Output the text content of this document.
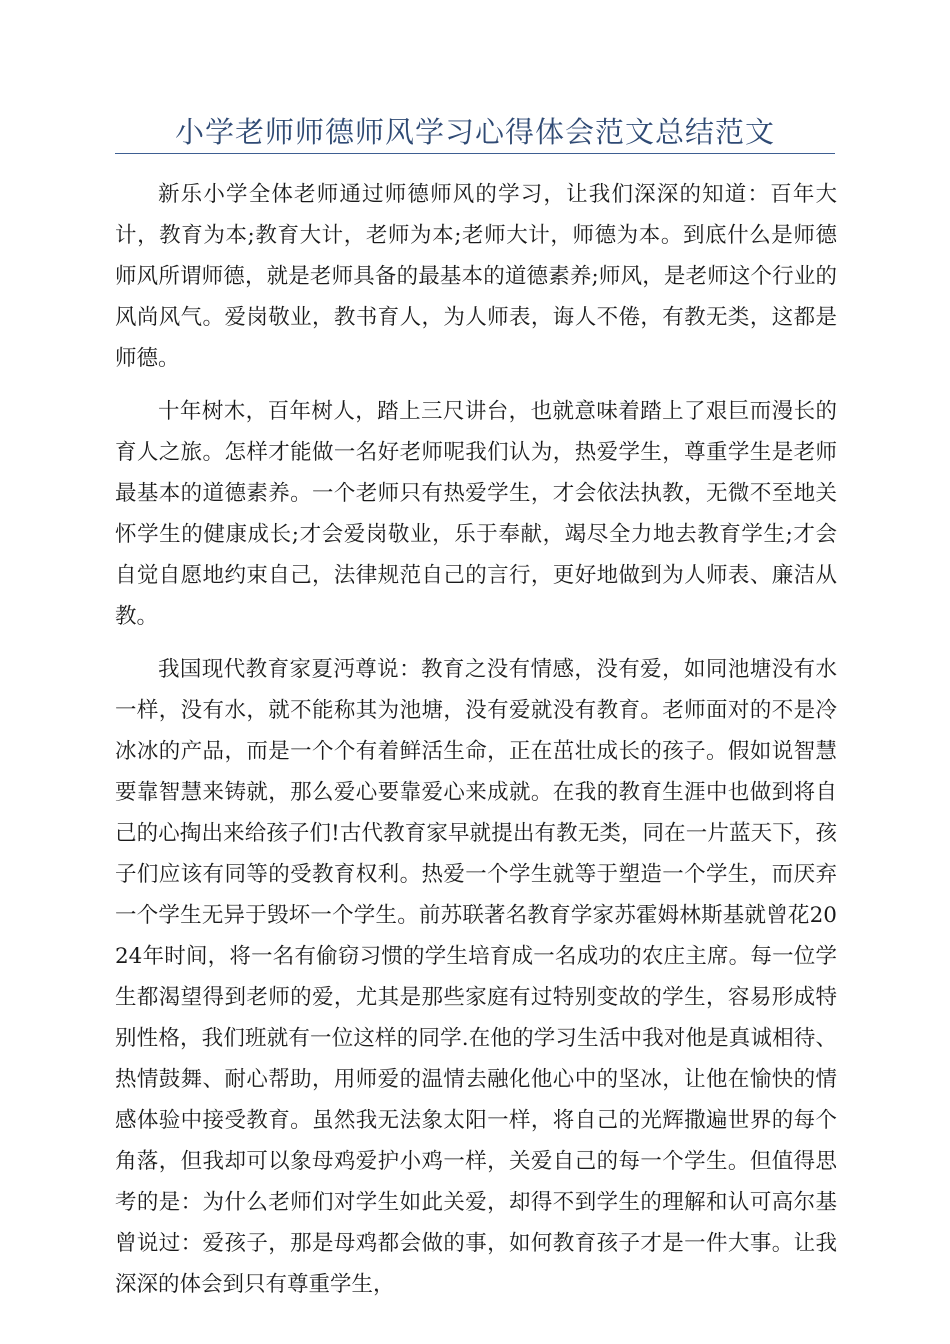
小学老师师德师风学习心得体会范文总结范文

新乐小学全体老师通过师德师风的学习，让我们深深的知道：百年大计，教育为本;教育大计，老师为本;老师大计，师德为本。到底什么是师德师风所谓师德，就是老师具备的最基本的道德素养;师风，是老师这个行业的风尚风气。爱岗敬业，教书育人，为人师表，诲人不倦，有教无类，这都是师德。

十年树木，百年树人，踏上三尺讲台，也就意味着踏上了艰巨而漫长的育人之旅。怎样才能做一名好老师呢我们认为，热爱学生，尊重学生是老师最基本的道德素养。一个老师只有热爱学生，才会依法执教，无微不至地关怀学生的健康成长;才会爱岗敬业，乐于奉献，竭尽全力地去教育学生;才会自觉自愿地约束自己，法律规范自己的言行，更好地做到为人师表、廉洁从教。

我国现代教育家夏沔尊说：教育之没有情感，没有爱，如同池塘没有水一样，没有水，就不能称其为池塘，没有爱就没有教育。老师面对的不是冷冰冰的产品，而是一个个有着鲜活生命，正在茁壮成长的孩子。假如说智慧要靠智慧来铸就，那么爱心要靠爱心来成就。在我的教育生涯中也做到将自己的心掏出来给孩子们!古代教育家早就提出有教无类，同在一片蓝天下，孩子们应该有同等的受教育权利。热爱一个学生就等于塑造一个学生，而厌弃一个学生无异于毁坏一个学生。前苏联著名教育学家苏霍姆林斯基就曾花2024年时间，将一名有偷窃习惯的学生培育成一名成功的农庄主席。每一位学生都渴望得到老师的爱，尤其是那些家庭有过特别变故的学生，容易形成特别性格，我们班就有一位这样的同学.在他的学习生活中我对他是真诚相待、热情鼓舞、耐心帮助，用师爱的温情去融化他心中的坚冰，让他在愉快的情感体验中接受教育。虽然我无法象太阳一样，将自己的光辉撒遍世界的每个角落，但我却可以象母鸡爱护小鸡一样，关爱自己的每一个学生。但值得思考的是：为什么老师们对学生如此关爱，却得不到学生的理解和认可高尔基曾说过：爱孩子，那是母鸡都会做的事，如何教育孩子才是一件大事。让我深深的体会到只有尊重学生，
